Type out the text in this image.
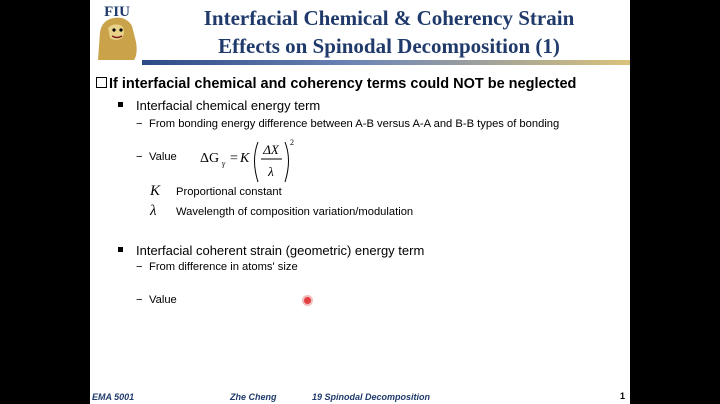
FIU	Interfacial Chemical & Coherency Strain
Effects on Spinodal Decomposition (1)
If interfacial chemical and coherency terms could NOT be neglected
Interfacial chemical energy term
− From bonding energy difference between A-B versus A-A and B-B types of bonding
− Value ΔG γ = K
ΔX
λ
2
K Proportional constant
λ Wavelength of composition variation/modulation
Interfacial coherent strain (geometric) energy term
− From difference in atoms' size
− Value
EMA 5001	Zhe Cheng	19 Spinodal Decomposition	1
